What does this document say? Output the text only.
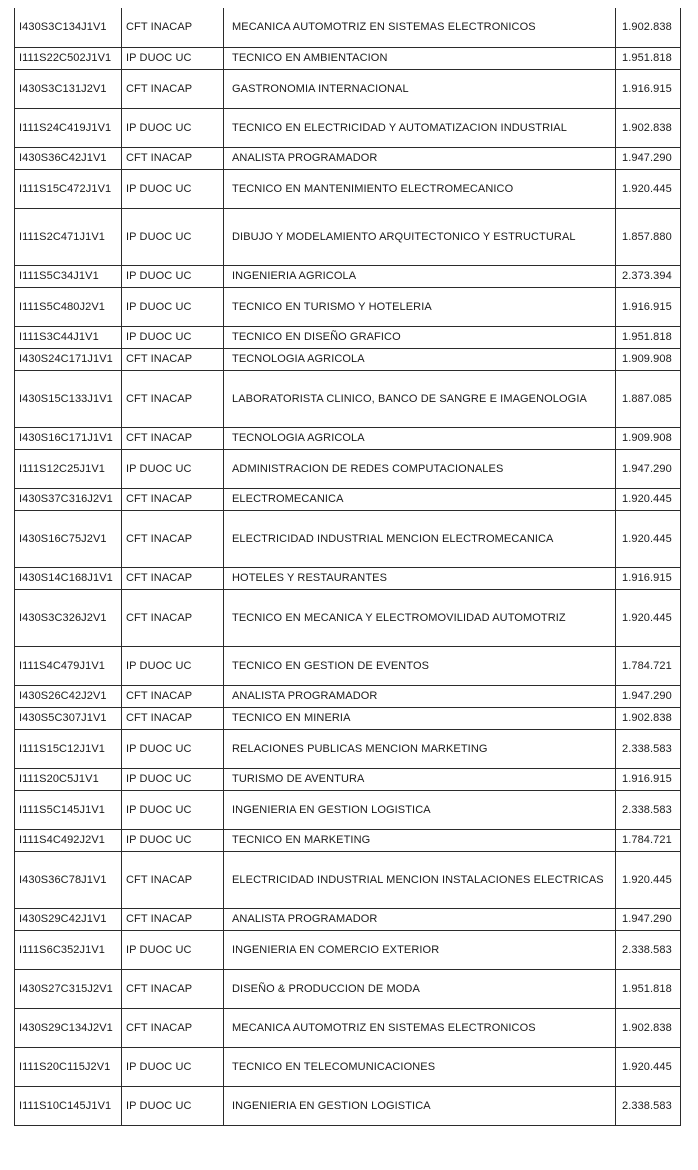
I430S3C134J1V1	CFT INACAP	MECANICA AUTOMOTRIZ EN SISTEMAS ELECTRONICOS	1.902.838
I111S22C502J1V1	IP DUOC UC	TECNICO EN AMBIENTACION	1.951.818
I430S3C131J2V1	CFT INACAP	GASTRONOMIA INTERNACIONAL	1.916.915
I111S24C419J1V1	IP DUOC UC	TECNICO EN ELECTRICIDAD Y AUTOMATIZACION INDUSTRIAL	1.902.838
I430S36C42J1V1	CFT INACAP	ANALISTA PROGRAMADOR	1.947.290
I111S15C472J1V1	IP DUOC UC	TECNICO EN MANTENIMIENTO ELECTROMECANICO	1.920.445
I111S2C471J1V1	IP DUOC UC	DIBUJO Y MODELAMIENTO ARQUITECTONICO Y ESTRUCTURAL	1.857.880
I111S5C34J1V1	IP DUOC UC	INGENIERIA AGRICOLA	2.373.394
I111S5C480J2V1	IP DUOC UC	TECNICO EN TURISMO Y HOTELERIA	1.916.915
I111S3C44J1V1	IP DUOC UC	TECNICO EN DISEÑO GRAFICO	1.951.818
I430S24C171J1V1	CFT INACAP	TECNOLOGIA AGRICOLA	1.909.908
I430S15C133J1V1	CFT INACAP	LABORATORISTA CLINICO, BANCO DE SANGRE E IMAGENOLOGIA	1.887.085
I430S16C171J1V1	CFT INACAP	TECNOLOGIA AGRICOLA	1.909.908
I111S12C25J1V1	IP DUOC UC	ADMINISTRACION DE REDES COMPUTACIONALES	1.947.290
I430S37C316J2V1	CFT INACAP	ELECTROMECANICA	1.920.445
I430S16C75J2V1	CFT INACAP	ELECTRICIDAD INDUSTRIAL MENCION ELECTROMECANICA	1.920.445
I430S14C168J1V1	CFT INACAP	HOTELES Y RESTAURANTES	1.916.915
I430S3C326J2V1	CFT INACAP	TECNICO EN MECANICA Y ELECTROMOVILIDAD AUTOMOTRIZ	1.920.445
I111S4C479J1V1	IP DUOC UC	TECNICO EN GESTION DE EVENTOS	1.784.721
I430S26C42J2V1	CFT INACAP	ANALISTA PROGRAMADOR	1.947.290
I430S5C307J1V1	CFT INACAP	TECNICO EN MINERIA	1.902.838
I111S15C12J1V1	IP DUOC UC	RELACIONES PUBLICAS MENCION MARKETING	2.338.583
I111S20C5J1V1	IP DUOC UC	TURISMO DE AVENTURA	1.916.915
I111S5C145J1V1	IP DUOC UC	INGENIERIA EN GESTION LOGISTICA	2.338.583
I111S4C492J2V1	IP DUOC UC	TECNICO EN MARKETING	1.784.721
I430S36C78J1V1	CFT INACAP	ELECTRICIDAD INDUSTRIAL MENCION INSTALACIONES ELECTRICAS	1.920.445
I430S29C42J1V1	CFT INACAP	ANALISTA PROGRAMADOR	1.947.290
I111S6C352J1V1	IP DUOC UC	INGENIERIA EN COMERCIO EXTERIOR	2.338.583
I430S27C315J2V1	CFT INACAP	DISEÑO & PRODUCCION DE MODA	1.951.818
I430S29C134J2V1	CFT INACAP	MECANICA AUTOMOTRIZ EN SISTEMAS ELECTRONICOS	1.902.838
I111S20C115J2V1	IP DUOC UC	TECNICO EN TELECOMUNICACIONES	1.920.445
I111S10C145J1V1	IP DUOC UC	INGENIERIA EN GESTION LOGISTICA	2.338.583
